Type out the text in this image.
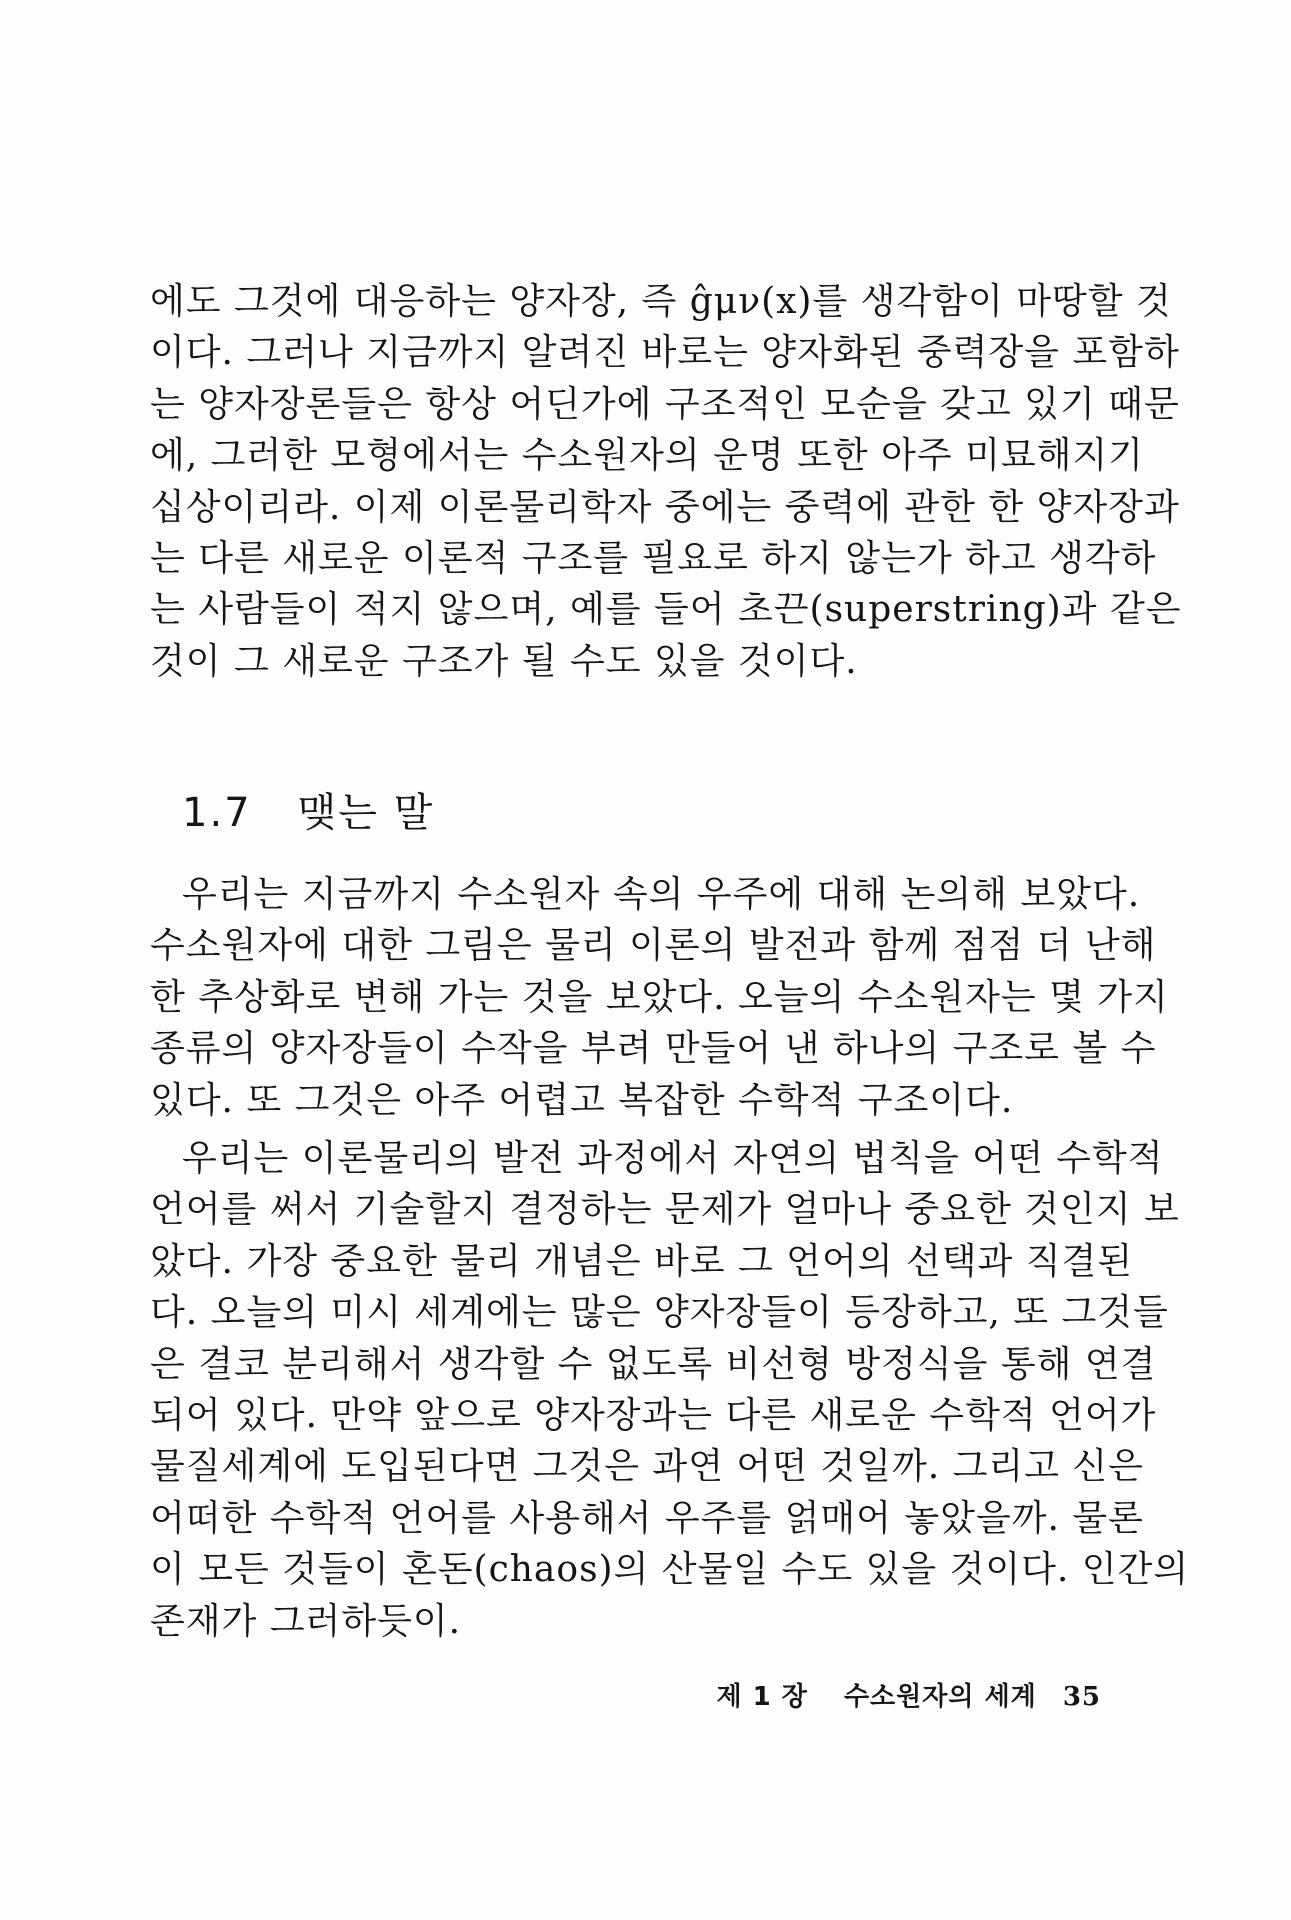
에도 그것에 대응하는 양자장, 즉 ĝμν(x)를 생각함이 마땅할 것
이다. 그러나 지금까지 알려진 바로는 양자화된 중력장을 포함하
는 양자장론들은 항상 어딘가에 구조적인 모순을 갖고 있기 때문
에, 그러한 모형에서는 수소원자의 운명 또한 아주 미묘해지기
십상이리라. 이제 이론물리학자 중에는 중력에 관한 한 양자장과
는 다른 새로운 이론적 구조를 필요로 하지 않는가 하고 생각하
는 사람들이 적지 않으며, 예를 들어 초끈(superstring)과 같은
것이 그 새로운 구조가 될 수도 있을 것이다.
1.7 맺는 말
우리는 지금까지 수소원자 속의 우주에 대해 논의해 보았다.
수소원자에 대한 그림은 물리 이론의 발전과 함께 점점 더 난해
한 추상화로 변해 가는 것을 보았다. 오늘의 수소원자는 몇 가지
종류의 양자장들이 수작을 부려 만들어 낸 하나의 구조로 볼 수
있다. 또 그것은 아주 어렵고 복잡한 수학적 구조이다.
우리는 이론물리의 발전 과정에서 자연의 법칙을 어떤 수학적
언어를 써서 기술할지 결정하는 문제가 얼마나 중요한 것인지 보
았다. 가장 중요한 물리 개념은 바로 그 언어의 선택과 직결된
다. 오늘의 미시 세계에는 많은 양자장들이 등장하고, 또 그것들
은 결코 분리해서 생각할 수 없도록 비선형 방정식을 통해 연결
되어 있다. 만약 앞으로 양자장과는 다른 새로운 수학적 언어가
물질세계에 도입된다면 그것은 과연 어떤 것일까. 그리고 신은
어떠한 수학적 언어를 사용해서 우주를 얽매어 놓았을까. 물론
이 모든 것들이 혼돈(chaos)의 산물일 수도 있을 것이다. 인간의
존재가 그러하듯이.
제 1 장 수소원자의 세계 35
